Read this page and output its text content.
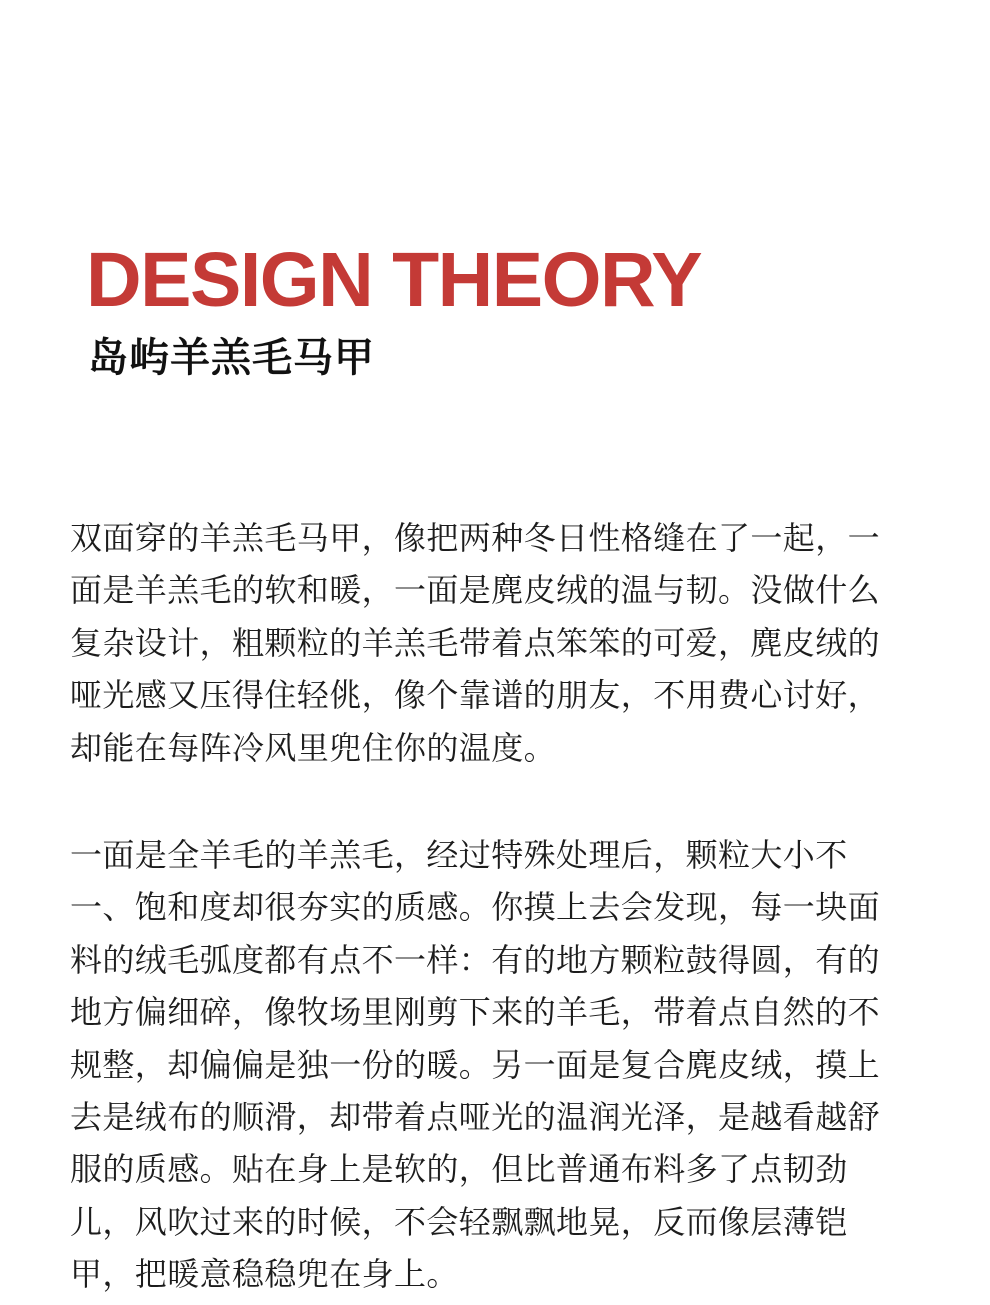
DESIGN THEORY
岛屿羊羔毛马甲

双面穿的羊羔毛马甲，像把两种冬日性格缝在了一起，一
面是羊羔毛的软和暖，一面是麂皮绒的温与韧。没做什么
复杂设计，粗颗粒的羊羔毛带着点笨笨的可爱，麂皮绒的
哑光感又压得住轻佻，像个靠谱的朋友，不用费心讨好，
却能在每阵冷风里兜住你的温度。

一面是全羊毛的羊羔毛，经过特殊处理后，颗粒大小不
一、饱和度却很夯实的质感。你摸上去会发现，每一块面
料的绒毛弧度都有点不一样：有的地方颗粒鼓得圆，有的
地方偏细碎，像牧场里刚剪下来的羊毛，带着点自然的不
规整，却偏偏是独一份的暖。另一面是复合麂皮绒，摸上
去是绒布的顺滑，却带着点哑光的温润光泽，是越看越舒
服的质感。贴在身上是软的，但比普通布料多了点韧劲
儿，风吹过来的时候，不会轻飘飘地晃，反而像层薄铠
甲，把暖意稳稳兜在身上。
